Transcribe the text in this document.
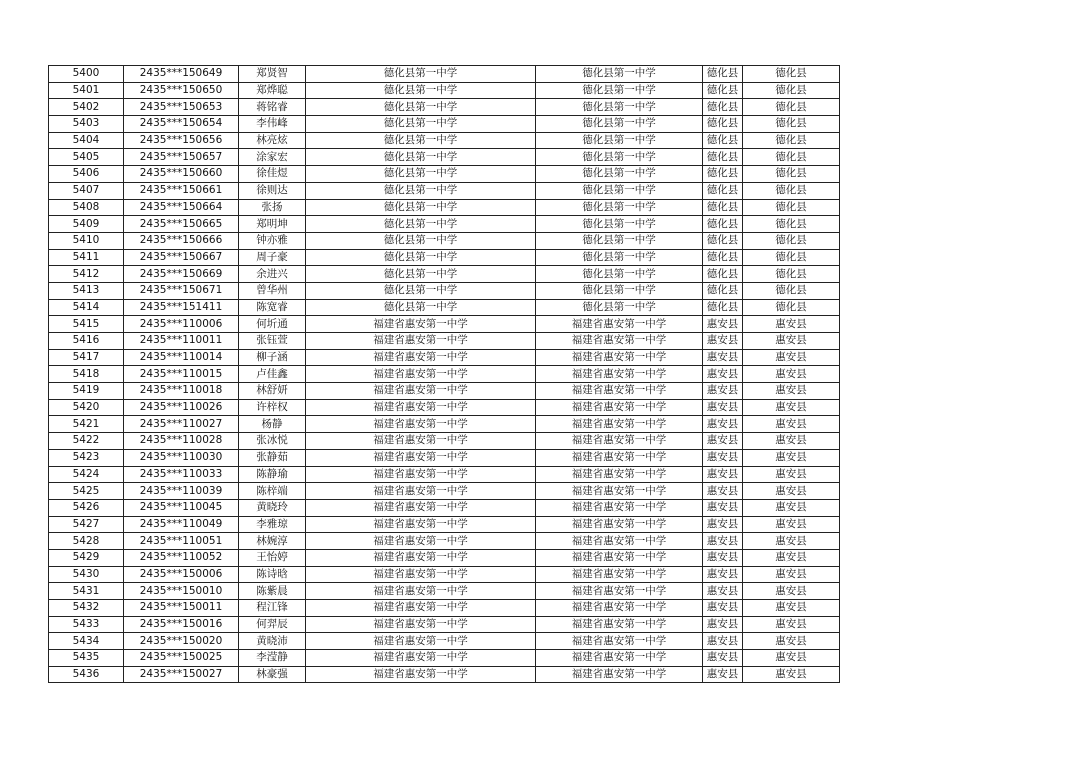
5400	2435***150649	郑贤智	德化县第一中学	德化县第一中学	德化县	德化县
5401	2435***150650	郑烨聪	德化县第一中学	德化县第一中学	德化县	德化县
5402	2435***150653	蒋铭睿	德化县第一中学	德化县第一中学	德化县	德化县
5403	2435***150654	李伟峰	德化县第一中学	德化县第一中学	德化县	德化县
5404	2435***150656	林亮炫	德化县第一中学	德化县第一中学	德化县	德化县
5405	2435***150657	涂家宏	德化县第一中学	德化县第一中学	德化县	德化县
5406	2435***150660	徐佳煜	德化县第一中学	德化县第一中学	德化县	德化县
5407	2435***150661	徐则达	德化县第一中学	德化县第一中学	德化县	德化县
5408	2435***150664	张扬	德化县第一中学	德化县第一中学	德化县	德化县
5409	2435***150665	郑明坤	德化县第一中学	德化县第一中学	德化县	德化县
5410	2435***150666	钟亦雅	德化县第一中学	德化县第一中学	德化县	德化县
5411	2435***150667	周子豪	德化县第一中学	德化县第一中学	德化县	德化县
5412	2435***150669	余进兴	德化县第一中学	德化县第一中学	德化县	德化县
5413	2435***150671	曾华州	德化县第一中学	德化县第一中学	德化县	德化县
5414	2435***151411	陈宽睿	德化县第一中学	德化县第一中学	德化县	德化县
5415	2435***110006	何圻通	福建省惠安第一中学	福建省惠安第一中学	惠安县	惠安县
5416	2435***110011	张钰萱	福建省惠安第一中学	福建省惠安第一中学	惠安县	惠安县
5417	2435***110014	柳子涵	福建省惠安第一中学	福建省惠安第一中学	惠安县	惠安县
5418	2435***110015	卢佳鑫	福建省惠安第一中学	福建省惠安第一中学	惠安县	惠安县
5419	2435***110018	林舒妍	福建省惠安第一中学	福建省惠安第一中学	惠安县	惠安县
5420	2435***110026	许梓权	福建省惠安第一中学	福建省惠安第一中学	惠安县	惠安县
5421	2435***110027	杨静	福建省惠安第一中学	福建省惠安第一中学	惠安县	惠安县
5422	2435***110028	张冰悦	福建省惠安第一中学	福建省惠安第一中学	惠安县	惠安县
5423	2435***110030	张静茹	福建省惠安第一中学	福建省惠安第一中学	惠安县	惠安县
5424	2435***110033	陈静瑜	福建省惠安第一中学	福建省惠安第一中学	惠安县	惠安县
5425	2435***110039	陈梓端	福建省惠安第一中学	福建省惠安第一中学	惠安县	惠安县
5426	2435***110045	黄晓玲	福建省惠安第一中学	福建省惠安第一中学	惠安县	惠安县
5427	2435***110049	李雅琼	福建省惠安第一中学	福建省惠安第一中学	惠安县	惠安县
5428	2435***110051	林婉淳	福建省惠安第一中学	福建省惠安第一中学	惠安县	惠安县
5429	2435***110052	王怡婷	福建省惠安第一中学	福建省惠安第一中学	惠安县	惠安县
5430	2435***150006	陈诗晗	福建省惠安第一中学	福建省惠安第一中学	惠安县	惠安县
5431	2435***150010	陈紫晨	福建省惠安第一中学	福建省惠安第一中学	惠安县	惠安县
5432	2435***150011	程江锋	福建省惠安第一中学	福建省惠安第一中学	惠安县	惠安县
5433	2435***150016	何羿辰	福建省惠安第一中学	福建省惠安第一中学	惠安县	惠安县
5434	2435***150020	黄晓沛	福建省惠安第一中学	福建省惠安第一中学	惠安县	惠安县
5435	2435***150025	李滢静	福建省惠安第一中学	福建省惠安第一中学	惠安县	惠安县
5436	2435***150027	林豪强	福建省惠安第一中学	福建省惠安第一中学	惠安县	惠安县
